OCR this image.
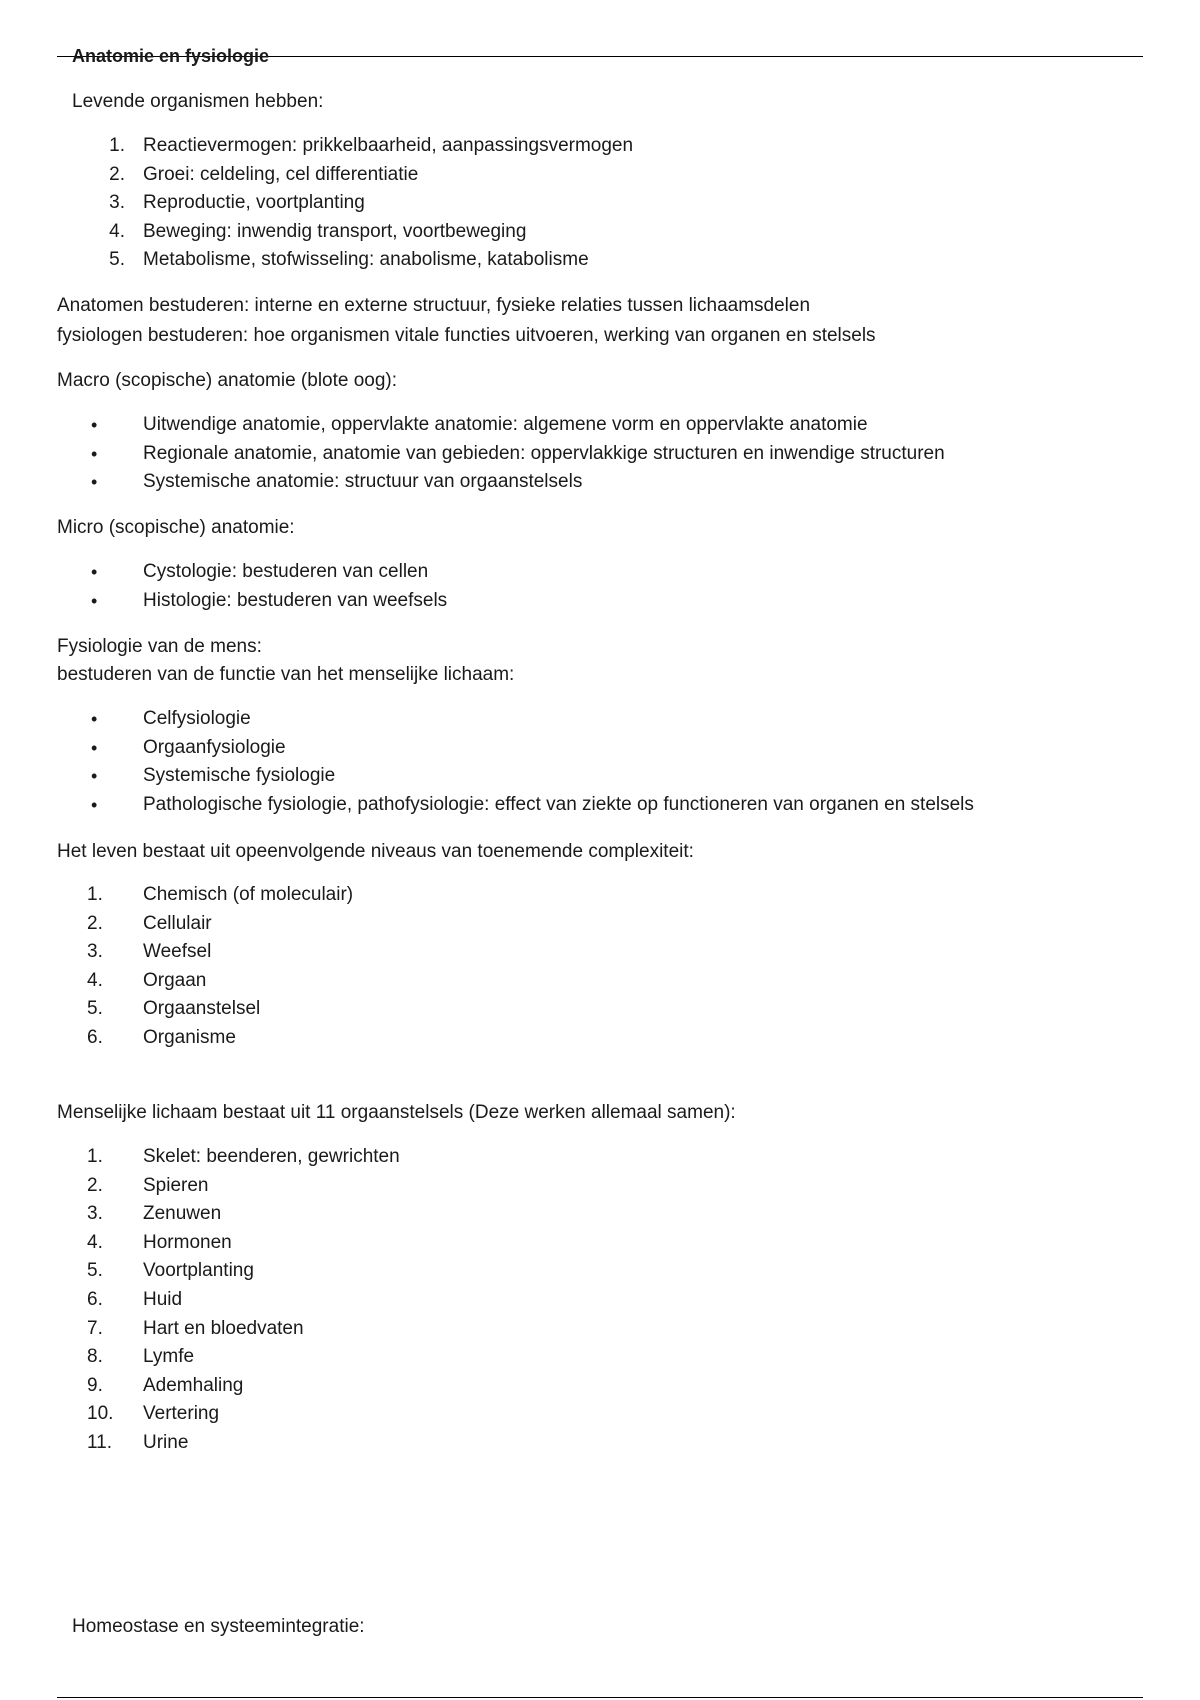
Anatomie en fysiologie

Levende organismen hebben:

1. Reactievermogen: prikkelbaarheid, aanpassingsvermogen
2. Groei: celdeling, cel differentiatie
3. Reproductie, voortplanting
4. Beweging: inwendig transport, voortbeweging
5. Metabolisme, stofwisseling: anabolisme, katabolisme

Anatomen bestuderen: interne en externe structuur, fysieke relaties tussen lichaamsdelen

fysiologen bestuderen: hoe organismen vitale functies uitvoeren, werking van organen en stelsels

Macro (scopische) anatomie (blote oog):

•	Uitwendige anatomie, oppervlakte anatomie: algemene vorm en oppervlakte anatomie
•	Regionale anatomie, anatomie van gebieden: oppervlakkige structuren en inwendige structuren
•	Systemische anatomie: structuur van orgaanstelsels

Micro (scopische) anatomie:

•	Cystologie: bestuderen van cellen
•	Histologie: bestuderen van weefsels

Fysiologie van de mens:

bestuderen van de functie van het menselijke lichaam:

•	Celfysiologie
•	Orgaanfysiologie
•	Systemische fysiologie
•	Pathologische fysiologie, pathofysiologie: effect van ziekte op functioneren van organen en stelsels

Het leven bestaat uit opeenvolgende niveaus van toenemende complexiteit:

1.	Chemisch (of moleculair)
2.	Cellulair
3.	Weefsel
4.	Orgaan
5.	Orgaanstelsel
6.	Organisme

Menselijke lichaam bestaat uit 11 orgaanstelsels (Deze werken allemaal samen):

1.	Skelet: beenderen, gewrichten
2.	Spieren
3.	Zenuwen
4.	Hormonen
5.	Voortplanting
6.	Huid
7.	Hart en bloedvaten
8.	Lymfe
9.	Ademhaling
10. Vertering
11. Urine

Homeostase en systeemintegratie:
